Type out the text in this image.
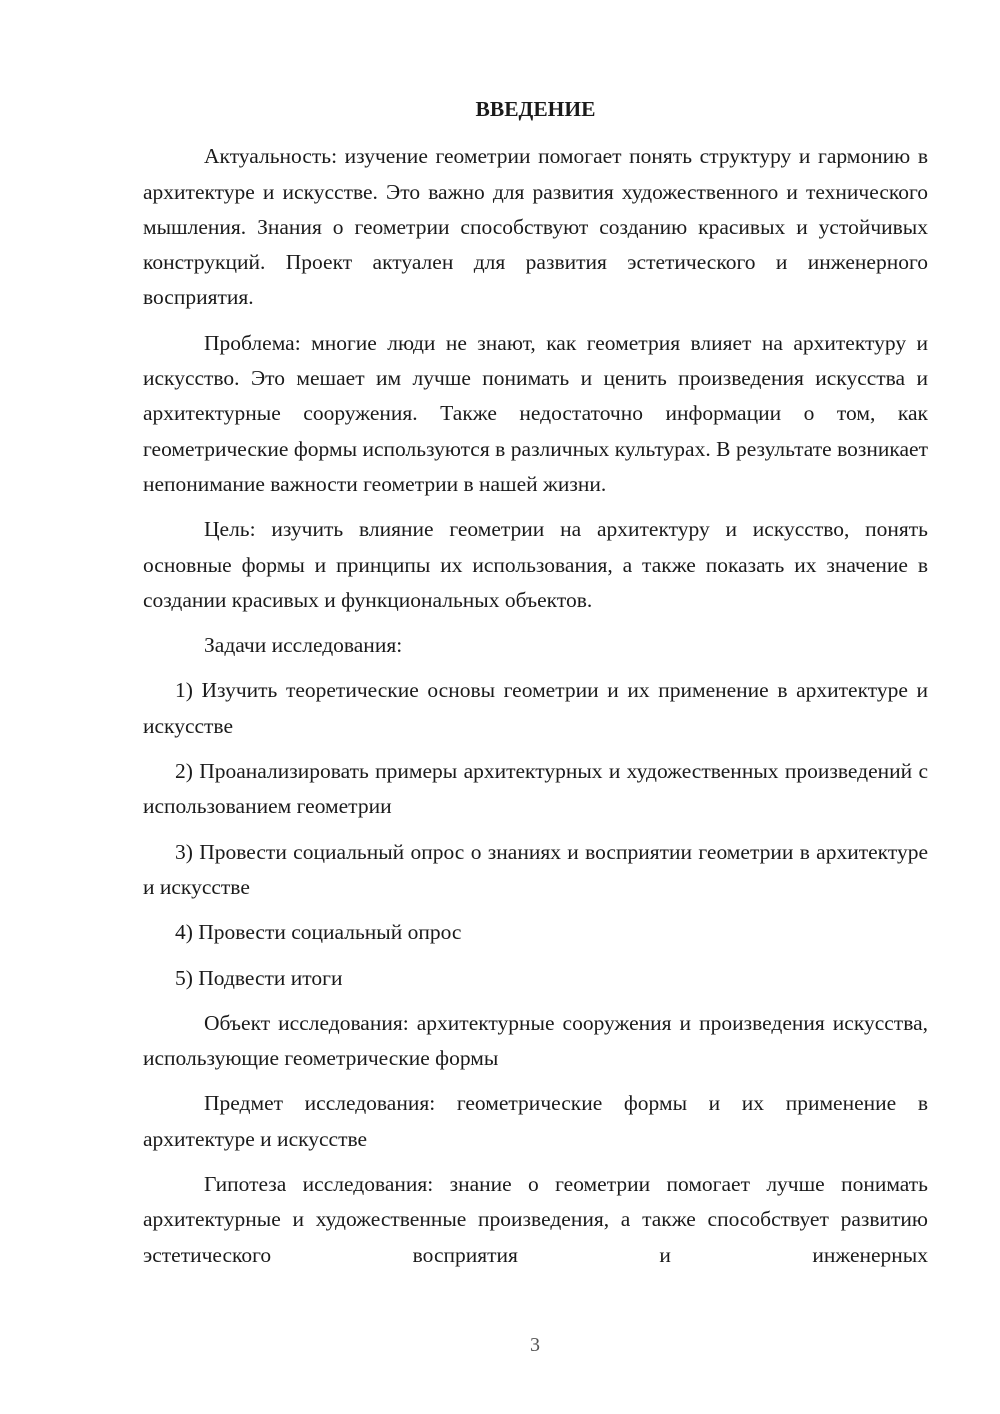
ВВЕДЕНИЕ

Актуальность: изучение геометрии помогает понять структуру и гармонию в архитектуре и искусстве. Это важно для развития художественного и технического мышления. Знания о геометрии способствуют созданию красивых и устойчивых конструкций. Проект актуален для развития эстетического и инженерного восприятия.

Проблема: многие люди не знают, как геометрия влияет на архитектуру и искусство. Это мешает им лучше понимать и ценить произведения искусства и архитектурные сооружения. Также недостаточно информации о том, как геометрические формы используются в различных культурах. В результате возникает непонимание важности геометрии в нашей жизни.

Цель: изучить влияние геометрии на архитектуру и искусство, понять основные формы и принципы их использования, а также показать их значение в создании красивых и функциональных объектов.

Задачи исследования:

1) Изучить теоретические основы геометрии и их применение в архитектуре и искусстве

2) Проанализировать примеры архитектурных и художественных произведений с использованием геометрии

3) Провести социальный опрос о знаниях и восприятии геометрии в архитектуре и искусстве

4) Провести социальный опрос

5) Подвести итоги

Объект исследования: архитектурные сооружения и произведения искусства, использующие геометрические формы

Предмет исследования: геометрические формы и их применение в архитектуре и искусстве

Гипотеза исследования: знание о геометрии помогает лучше понимать архитектурные и художественные произведения, а также способствует развитию эстетического восприятия и инженерных

3
